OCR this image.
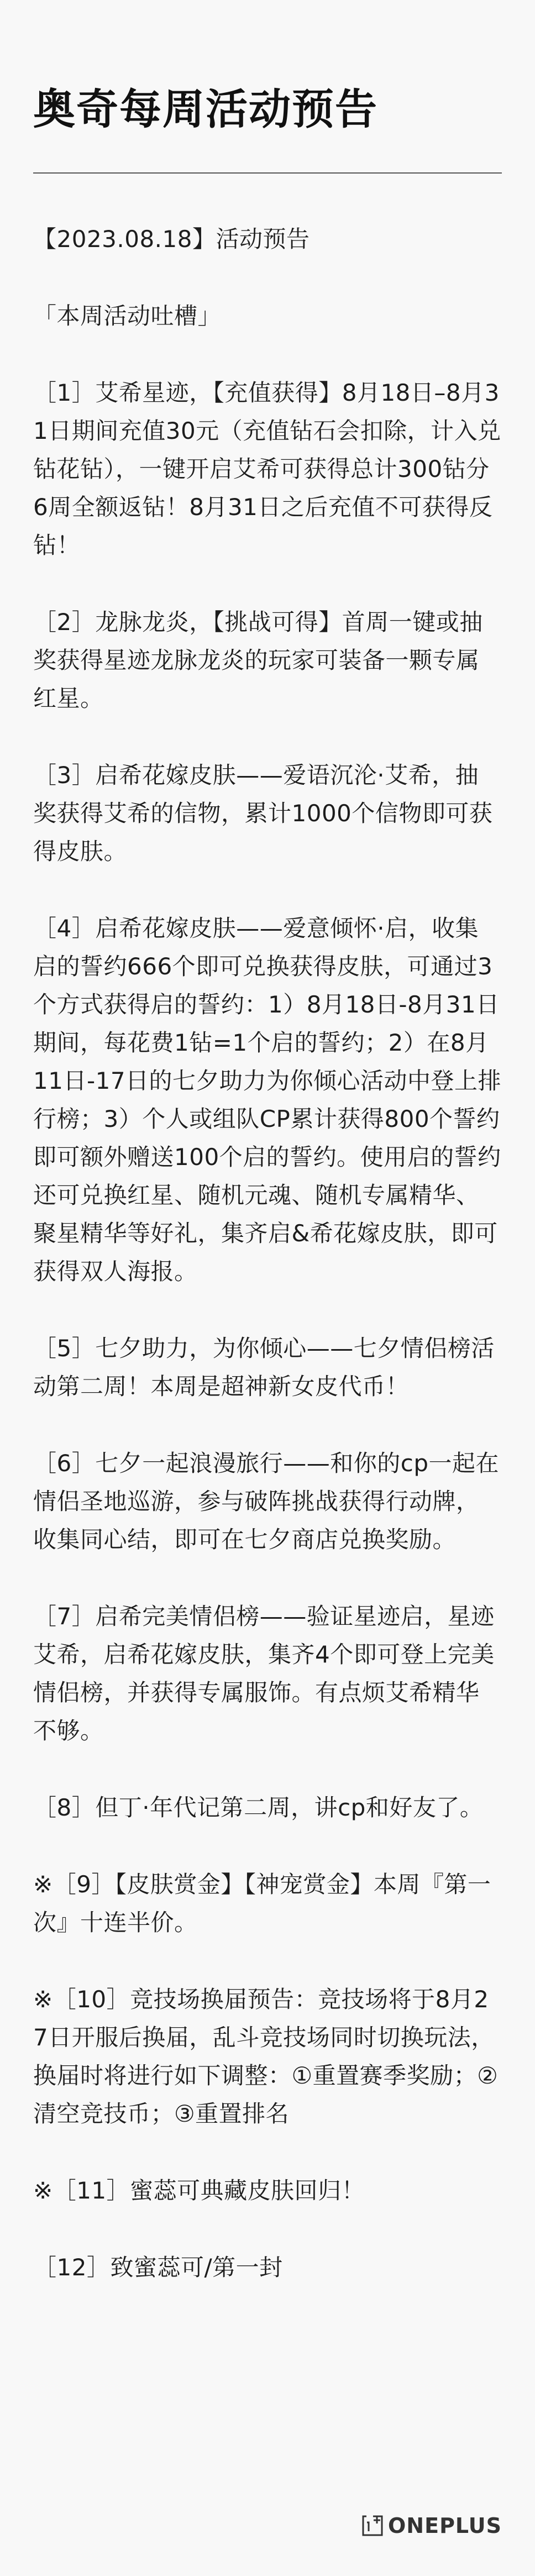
奥奇每周活动预告

【2023.08.18】活动预告

「本周活动吐槽」

［1］艾希星迹，【充值获得】8月18日–8月31日期间充值30元（充值钻石会扣除，计入兑钻花钻），一键开启艾希可获得总计300钻分6周全额返钻！8月31日之后充值不可获得反钻！

［2］龙脉龙炎，【挑战可得】首周一键或抽奖获得星迹龙脉龙炎的玩家可装备一颗专属红星。

［3］启希花嫁皮肤——爱语沉沦·艾希，抽奖获得艾希的信物，累计1000个信物即可获得皮肤。

［4］启希花嫁皮肤——爱意倾怀·启，收集启的誓约666个即可兑换获得皮肤，可通过3个方式获得启的誓约：1）8月18日-8月31日期间，每花费1钻=1个启的誓约；2）在8月11日-17日的七夕助力为你倾心活动中登上排行榜；3）个人或组队CP累计获得800个誓约即可额外赠送100个启的誓约。使用启的誓约还可兑换红星、随机元魂、随机专属精华、聚星精华等好礼，集齐启&希花嫁皮肤，即可获得双人海报。

［5］七夕助力，为你倾心——七夕情侣榜活动第二周！本周是超神新女皮代币！

［6］七夕一起浪漫旅行——和你的cp一起在情侣圣地巡游，参与破阵挑战获得行动牌，收集同心结，即可在七夕商店兑换奖励。

［7］启希完美情侣榜——验证星迹启，星迹艾希，启希花嫁皮肤，集齐4个即可登上完美情侣榜，并获得专属服饰。有点烦艾希精华不够。

［8］但丁·年代记第二周，讲cp和好友了。

※［9］【皮肤赏金】【神宠赏金】本周『第一次』十连半价。

※［10］竞技场换届预告：竞技场将于8月27日开服后换届，乱斗竞技场同时切换玩法，换届时将进行如下调整：①重置赛季奖励；②清空竞技币；③重置排名

※［11］蜜蕊可典藏皮肤回归！

［12］致蜜蕊可/第一封

ONEPLUS
